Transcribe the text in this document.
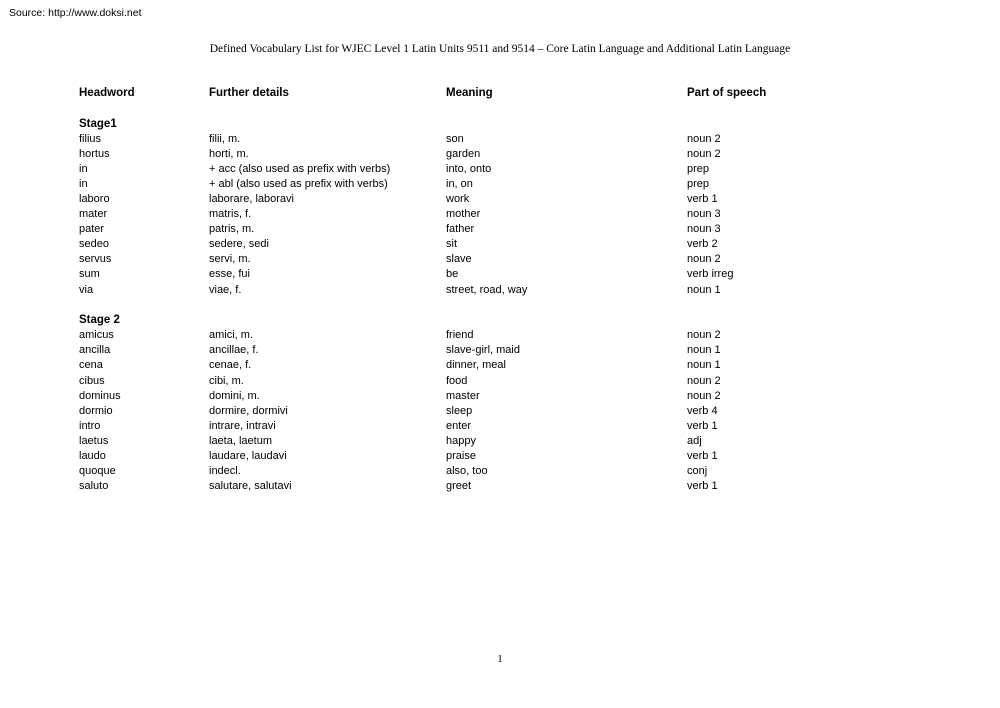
Source: http://www.doksi.net
Defined Vocabulary List for WJEC Level 1 Latin Units 9511 and 9514 – Core Latin Language and Additional Latin Language
Headword	Further details	Meaning	Part of speech
Stage1
filius	filii, m.	son	noun 2
hortus	horti, m.	garden	noun 2
in	+ acc (also used as prefix with verbs)	into, onto	prep
in	+ abl (also used as prefix with verbs)	in, on	prep
laboro	laborare, laboravi	work	verb 1
mater	matris, f.	mother	noun 3
pater	patris, m.	father	noun 3
sedeo	sedere, sedi	sit	verb 2
servus	servi, m.	slave	noun 2
sum	esse, fui	be	verb irreg
via	viae, f.	street, road, way	noun 1
Stage 2
amicus	amici, m.	friend	noun 2
ancilla	ancillae, f.	slave-girl, maid	noun 1
cena	cenae, f.	dinner, meal	noun 1
cibus	cibi, m.	food	noun 2
dominus	domini, m.	master	noun 2
dormio	dormire, dormivi	sleep	verb 4
intro	intrare, intravi	enter	verb 1
laetus	laeta, laetum	happy	adj
laudo	laudare, laudavi	praise	verb 1
quoque	indecl.	also, too	conj
saluto	salutare, salutavi	greet	verb 1
1
